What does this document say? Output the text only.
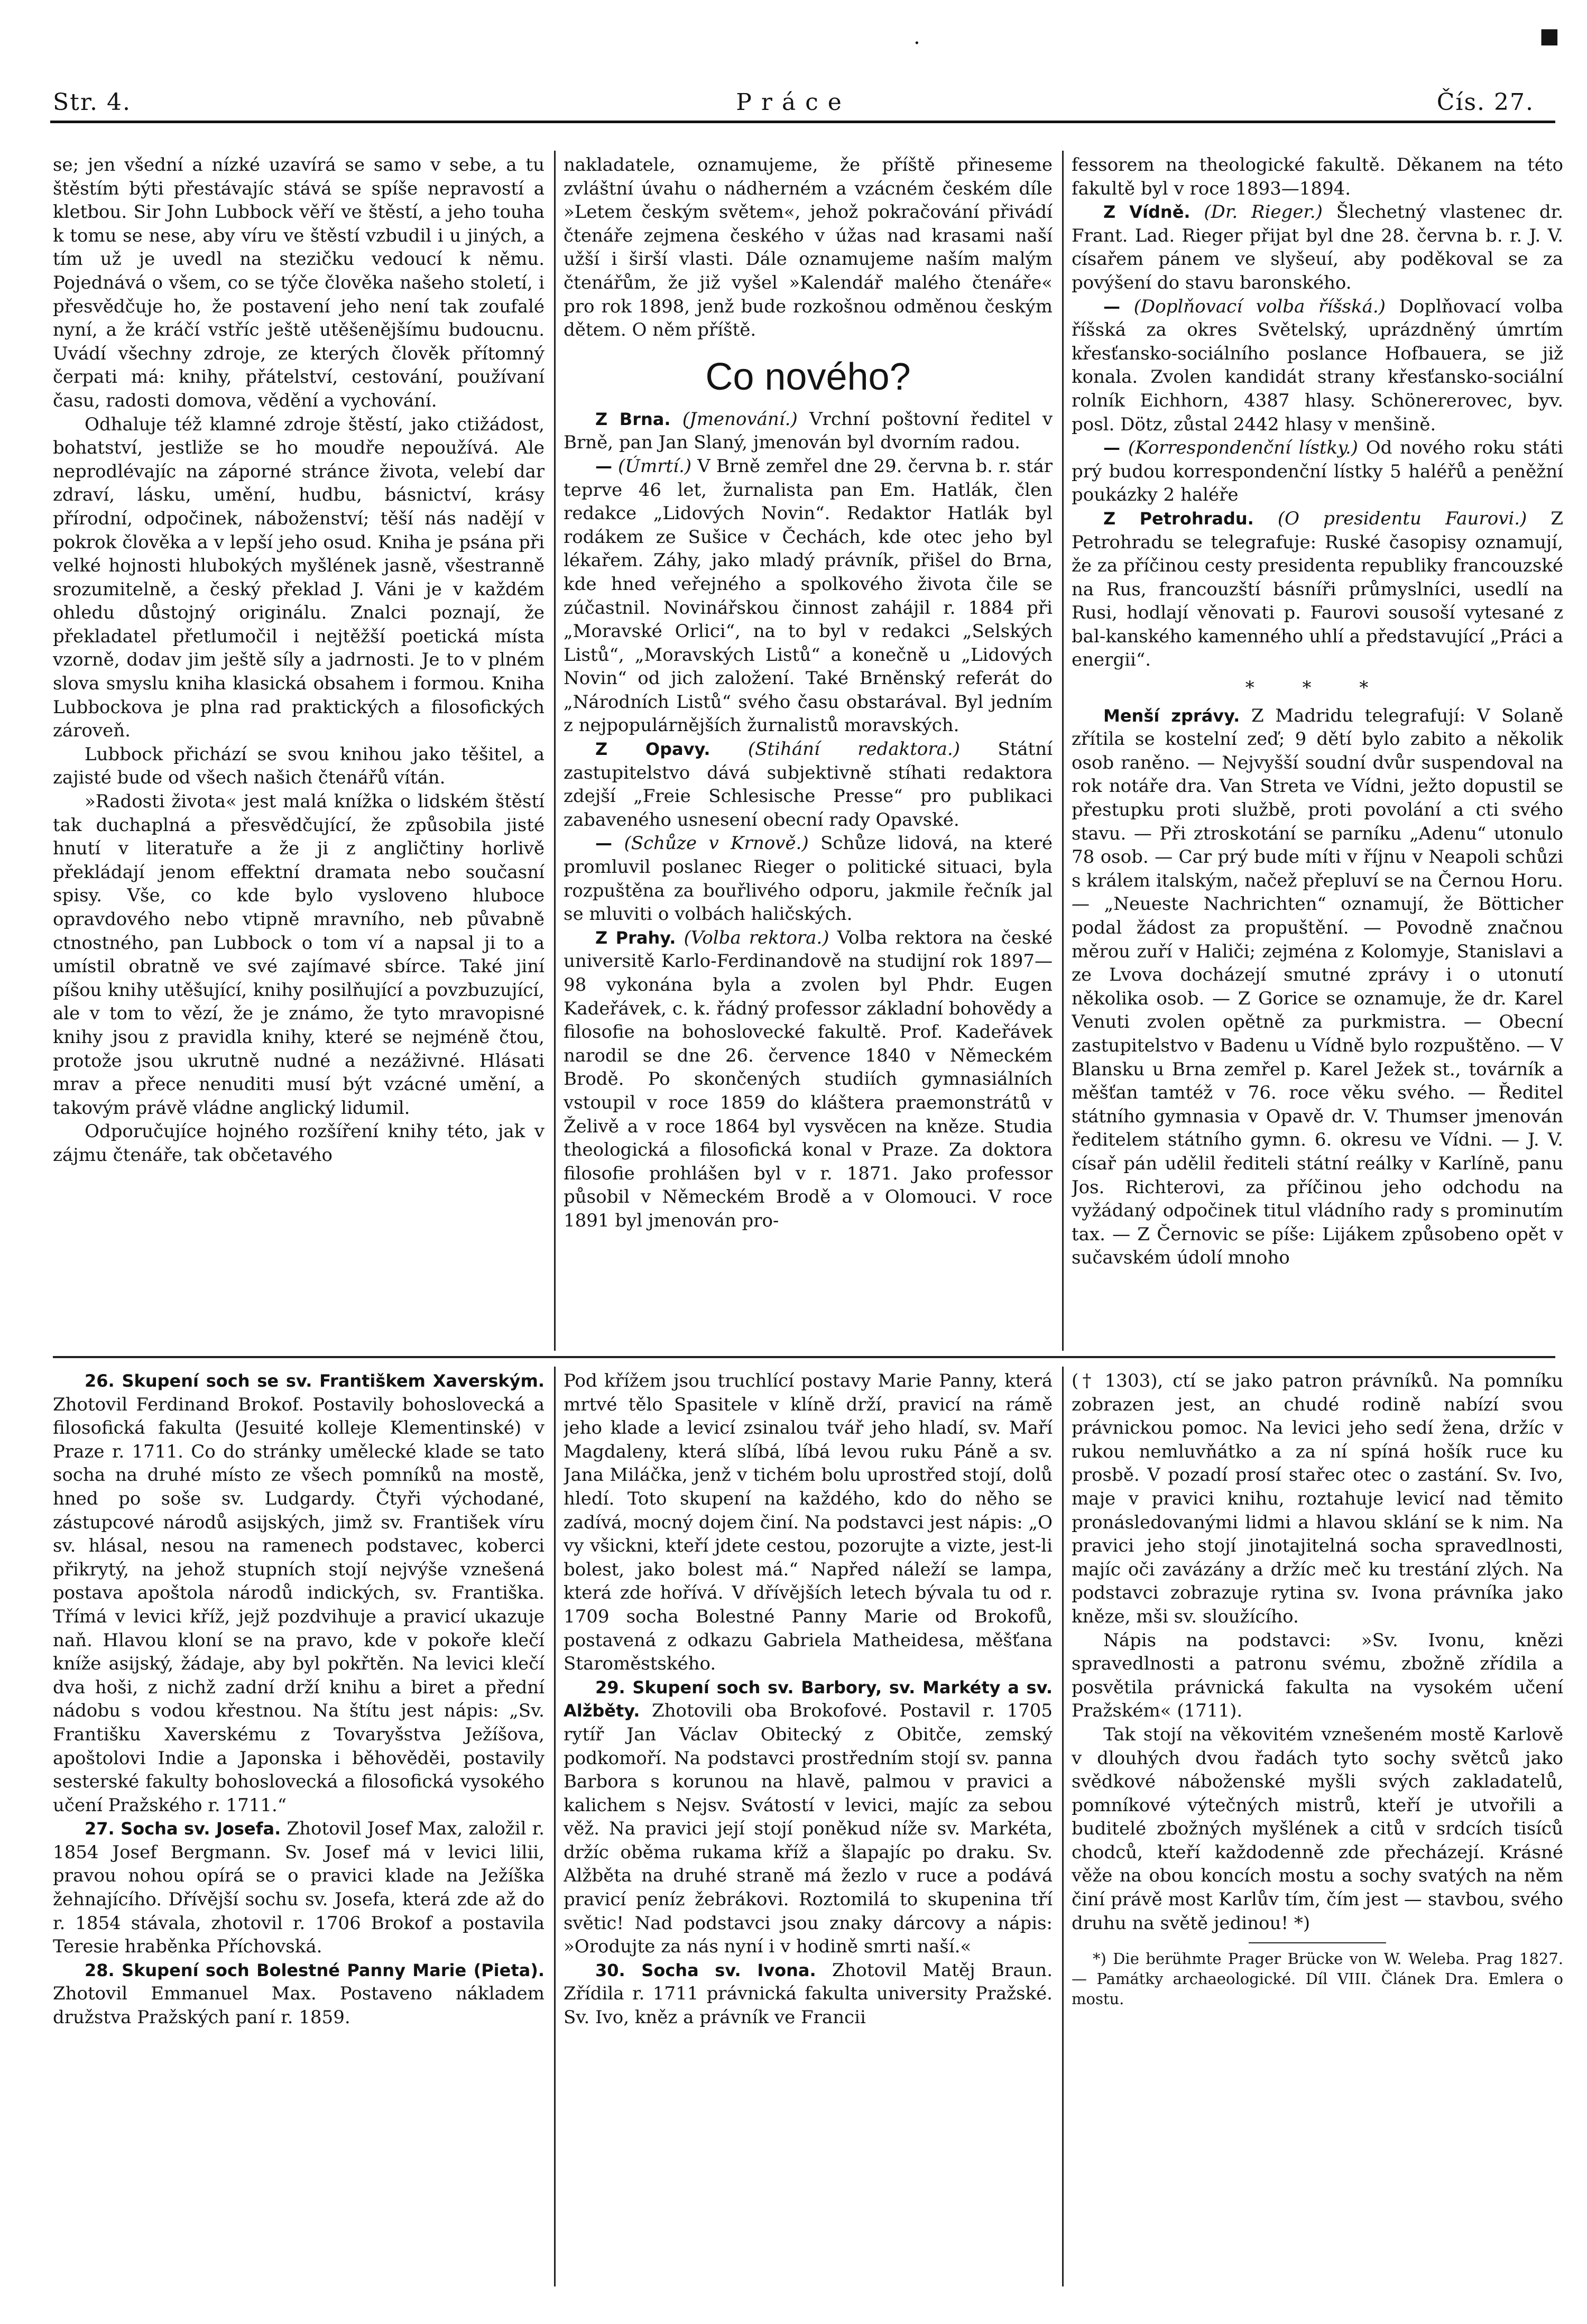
■
·
Str. 4.	Práce	Čís. 27.

se; jen všední a nízké uzavírá se samo v sebe, a tu štěstím býti přestávajíc stává se spíše nepravostí a kletbou. Sir John Lubbock věří ve štěstí, a jeho touha k tomu se nese, aby víru ve štěstí vzbudil i u jiných, a tím už je uvedl na stezičku vedoucí k němu. Pojednává o všem, co se týče člověka našeho století, i přesvědčuje ho, že postavení jeho není tak zoufalé nyní, a že kráčí vstříc ještě utěšenějšímu budoucnu. Uvádí všechny zdroje, ze kterých člověk přítomný čerpati má: knihy, přátelství, cestování, používaní času, radosti domova, vědění a vychování.

Odhaluje též klamné zdroje štěstí, jako ctižádost, bohatství, jestliže se ho moudře nepoužívá. Ale neprodlévajíc na záporné stránce života, velebí dar zdraví, lásku, umění, hudbu, básnictví, krásy přírodní, odpočinek, náboženství; těší nás nadějí v pokrok člověka a v lepší jeho osud. Kniha je psána při velké hojnosti hlubokých myšlének jasně, všestranně srozumitelně, a český překlad J. Váni je v každém ohledu důstojný originálu. Znalci poznají, že překladatel přetlumočil i nejtěžší poetická místa vzorně, dodav jim ještě síly a jadrnosti. Je to v plném slova smyslu kniha klasická obsahem i formou. Kniha Lubbockova je plna rad praktických a filosofických zároveň.

Lubbock přichází se svou knihou jako těšitel, a zajisté bude od všech našich čtenářů vítán.

»Radosti života« jest malá knížka o lidském štěstí tak duchaplná a přesvědčující, že způsobila jisté hnutí v literatuře a že ji z angličtiny horlivě překládají jenom effektní dramata nebo současní spisy. Vše, co kde bylo vysloveno hluboce opravdového nebo vtipně mravního, neb půvabně ctnostného, pan Lubbock o tom ví a napsal ji to a umístil obratně ve své zajímavé sbírce. Také jiní píšou knihy utěšující, knihy posilňující a povzbuzující, ale v tom to vězí, že je známo, že tyto mravopisné knihy jsou z pravidla knihy, které se nejméně čtou, protože jsou ukrutně nudné a nezáživné. Hlásati mrav a přece nenuditi musí být vzácné umění, a takovým právě vládne anglický lidumil.

Odporučujíce hojného rozšíření knihy této, jak v zájmu čtenáře, tak občetavého

nakladatele, oznamujeme, že příště přineseme zvláštní úvahu o nádherném a vzácném českém díle »Letem českým světem«, jehož pokračování přivádí čtenáře zejmena českého v úžas nad krasami naší užší i širší vlasti. Dále oznamujeme naším malým čtenářům, že již vyšel »Kalendář malého čtenáře« pro rok 1898, jenž bude rozkošnou odměnou českým dětem. O něm příště.

Co nového?

Z Brna. (Jmenování.) Vrchní poštovní ředitel v Brně, pan Jan Slaný, jmenován byl dvorním radou.

— (Úmrtí.) V Brně zemřel dne 29. června b. r. stár teprve 46 let, žurnalista pan Em. Hatlák, člen redakce „Lidových Novin“. Redaktor Hatlák byl rodákem ze Sušice v Čechách, kde otec jeho byl lékařem. Záhy, jako mladý právník, přišel do Brna, kde hned veřejného a spolkového života čile se zúčastnil. Novinářskou činnost zahájil r. 1884 při „Moravské Orlici“, na to byl v redakci „Selských Listů“, „Moravských Listů“ a konečně u „Lidových Novin“ od jich založení. Také Brněnský referát do „Národních Listů“ svého času obstarával. Byl jedním z nejpopulárnějších žurnalistů moravských.

Z Opavy. (Stihání redaktora.) Státní zastupitelstvo dává subjektivně stíhati redaktora zdejší „Freie Schlesische Presse“ pro publikaci zabaveného usnesení obecní rady Opavské.

— (Schůze v Krnově.) Schůze lidová, na které promluvil poslanec Rieger o politické situaci, byla rozpuštěna za bouřlivého odporu, jakmile řečník jal se mluviti o volbách haličských.

Z Prahy. (Volba rektora.) Volba rektora na české universitě Karlo-Ferdinandově na studijní rok 1897—98 vykonána byla a zvolen byl Phdr. Eugen Kadeřávek, c. k. řádný professor základní bohovědy a filosofie na bohoslovecké fakultě. Prof. Kadeřávek narodil se dne 26. července 1840 v Německém Brodě. Po skončených studiích gymnasiálních vstoupil v roce 1859 do kláštera praemonstrátů v Želivě a v roce 1864 byl vysvěcen na kněze. Studia theologická a filosofická konal v Praze. Za doktora filosofie prohlášen byl v r. 1871. Jako professor působil v Německém Brodě a v Olomouci. V roce 1891 byl jmenován pro-

fessorem na theologické fakultě. Děkanem na této fakultě byl v roce 1893—1894.

Z Vídně. (Dr. Rieger.) Šlechetný vlastenec dr. Frant. Lad. Rieger přijat byl dne 28. června b. r. J. V. císařem pánem ve slyšeuí, aby poděkoval se za povýšení do stavu baronského.

— (Doplňovací volba říšská.) Doplňovací volba říšská za okres Světelský, uprázdněný úmrtím křesťansko-sociálního poslance Hofbauera, se již konala. Zvolen kandidát strany křesťansko-sociální rolník Eichhorn, 4387 hlasy. Schönererovec, byv. posl. Dötz, zůstal 2442 hlasy v menšině.

— (Korrespondenční lístky.) Od nového roku státi prý budou korrespondenční lístky 5 haléřů a peněžní poukázky 2 haléře

Z Petrohradu. (O presidentu Faurovi.) Z Petrohradu se telegrafuje: Ruské časopisy oznamují, že za příčinou cesty presidenta republiky francouzské na Rus, francouzští básníři průmyslníci, usedlí na Rusi, hodlají věnovati p. Faurovi sousoší vytesané z bal-kanského kamenného uhlí a představující „Práci a energii“.

* * *

Menší zprávy. Z Madridu telegrafují: V Solaně zřítila se kostelní zeď; 9 dětí bylo zabito a několik osob raněno. — Nejvyšší soudní dvůr suspendoval na rok notáře dra. Van Streta ve Vídni, ježto dopustil se přestupku proti službě, proti povolání a cti svého stavu. — Při ztroskotání se parníku „Adenu“ utonulo 78 osob. — Car prý bude míti v říjnu v Neapoli schůzi s králem italským, načež přepluví se na Černou Horu. — „Neueste Nachrichten“ oznamují, že Bötticher podal žádost za propuštění. — Povodně značnou měrou zuří v Haliči; zejména z Kolomyje, Stanislavi a ze Lvova docházejí smutné zprávy i o utonutí několika osob. — Z Gorice se oznamuje, že dr. Karel Venuti zvolen opětně za purkmistra. — Obecní zastupitelstvo v Badenu u Vídně bylo rozpuštěno. — V Blansku u Brna zemřel p. Karel Ježek st., továrník a měšťan tamtéž v 76. roce věku svého. — Ředitel státního gymnasia v Opavě dr. V. Thumser jmenován ředitelem státního gymn. 6. okresu ve Vídni. — J. V. císař pán udělil řediteli státní reálky v Karlíně, panu Jos. Richterovi, za příčinou jeho odchodu na vyžádaný odpočinek titul vládního rady s prominutím tax. — Z Černovic se píše: Lijákem způsobeno opět v sučavském údolí mnoho

26. Skupení soch se sv. Františkem Xaverským. Zhotovil Ferdinand Brokof. Postavily bohoslovecká a filosofická fakulta (Jesuité kolleje Klementinské) v Praze r. 1711. Co do stránky umělecké klade se tato socha na druhé místo ze všech pomníků na mostě, hned po soše sv. Ludgardy. Čtyři východané, zástupcové národů asijských, jimž sv. František víru sv. hlásal, nesou na ramenech podstavec, koberci přikrytý, na jehož stupních stojí nejvýše vznešená postava apoštola národů indických, sv. Františka. Třímá v levici kříž, jejž pozdvihuje a pravicí ukazuje naň. Hlavou kloní se na pravo, kde v pokoře klečí kníže asijský, žádaje, aby byl pokřtěn. Na levici klečí dva hoši, z nichž zadní drží knihu a biret a přední nádobu s vodou křestnou. Na štítu jest nápis: „Sv. Františku Xaverskému z Tovaryšstva Ježíšova, apoštolovi Indie a Japonska i běhověděi, postavily sesterské fakulty bohoslovecká a filosofická vysokého učení Pražského r. 1711.“

27. Socha sv. Josefa. Zhotovil Josef Max, založil r. 1854 Josef Bergmann. Sv. Josef má v levici lilii, pravou nohou opírá se o pravici klade na Ježíška žehnajícího. Dřívější sochu sv. Josefa, která zde až do r. 1854 stávala, zhotovil r. 1706 Brokof a postavila Teresie hraběnka Příchovská.

28. Skupení soch Bolestné Panny Marie (Pieta). Zhotovil Emmanuel Max. Postaveno nákladem družstva Pražských paní r. 1859.

Pod křížem jsou truchlící postavy Marie Panny, která mrtvé tělo Spasitele v klíně drží, pravicí na rámě jeho klade a levicí zsinalou tvář jeho hladí, sv. Maří Magdaleny, která slíbá, líbá levou ruku Páně a sv. Jana Miláčka, jenž v tichém bolu uprostřed stojí, dolů hledí. Toto skupení na každého, kdo do něho se zadívá, mocný dojem činí. Na podstavci jest nápis: „O vy všickni, kteří jdete cestou, pozorujte a vizte, jest-li bolest, jako bolest má.“ Napřed náleží se lampa, která zde hořívá. V dřívějších letech bývala tu od r. 1709 socha Bolestné Panny Marie od Brokofů, postavená z odkazu Gabriela Matheidesa, měšťana Staroměstského.

29. Skupení soch sv. Barbory, sv. Markéty a sv. Alžběty. Zhotovili oba Brokofové. Postavil r. 1705 rytíř Jan Václav Obitecký z Obitče, zemský podkomoří. Na podstavci prostředním stojí sv. panna Barbora s korunou na hlavě, palmou v pravici a kalichem s Nejsv. Svátostí v levici, majíc za sebou věž. Na pravici její stojí poněkud níže sv. Markéta, držíc oběma rukama kříž a šlapajíc po draku. Sv. Alžběta na druhé straně má žezlo v ruce a podává pravicí peníz žebrákovi. Roztomilá to skupenina tří světic! Nad podstavci jsou znaky dárcovy a nápis: »Orodujte za nás nyní i v hodině smrti naší.«

30. Socha sv. Ivona. Zhotovil Matěj Braun. Zřídila r. 1711 právnická fakulta university Pražské. Sv. Ivo, kněz a právník ve Francii

(† 1303), ctí se jako patron právníků. Na pomníku zobrazen jest, an chudé rodině nabízí svou právnickou pomoc. Na levici jeho sedí žena, držíc v rukou nemluvňátko a za ní spíná hošík ruce ku prosbě. V pozadí prosí stařec otec o zastání. Sv. Ivo, maje v pravici knihu, roztahuje levicí nad těmito pronásledovanými lidmi a hlavou sklání se k nim. Na pravici jeho stojí jinotajitelná socha spravedlnosti, majíc oči zavázány a držíc meč ku trestání zlých. Na podstavci zobrazuje rytina sv. Ivona právníka jako kněze, mši sv. sloužícího.

Nápis na podstavci: »Sv. Ivonu, knězi spravedlnosti a patronu svému, zbožně zřídila a posvětila právnická fakulta na vysokém učení Pražském« (1711).

Tak stojí na věkovitém vznešeném mostě Karlově v dlouhých dvou řadách tyto sochy světců jako svědkové náboženské myšli svých zakladatelů, pomníkové výtečných mistrů, kteří je utvořili a buditelé zbožných myšlének a citů v srdcích tisíců chodců, kteří každodenně zde přecházejí. Krásné věže na obou koncích mostu a sochy svatých na něm činí právě most Karlův tím, čím jest — stavbou, svého druhu na světě jedinou! *)

*) Die berühmte Prager Brücke von W. Weleba. Prag 1827. — Památky archaeologické. Díl VIII. Článek Dra. Emlera o mostu.
